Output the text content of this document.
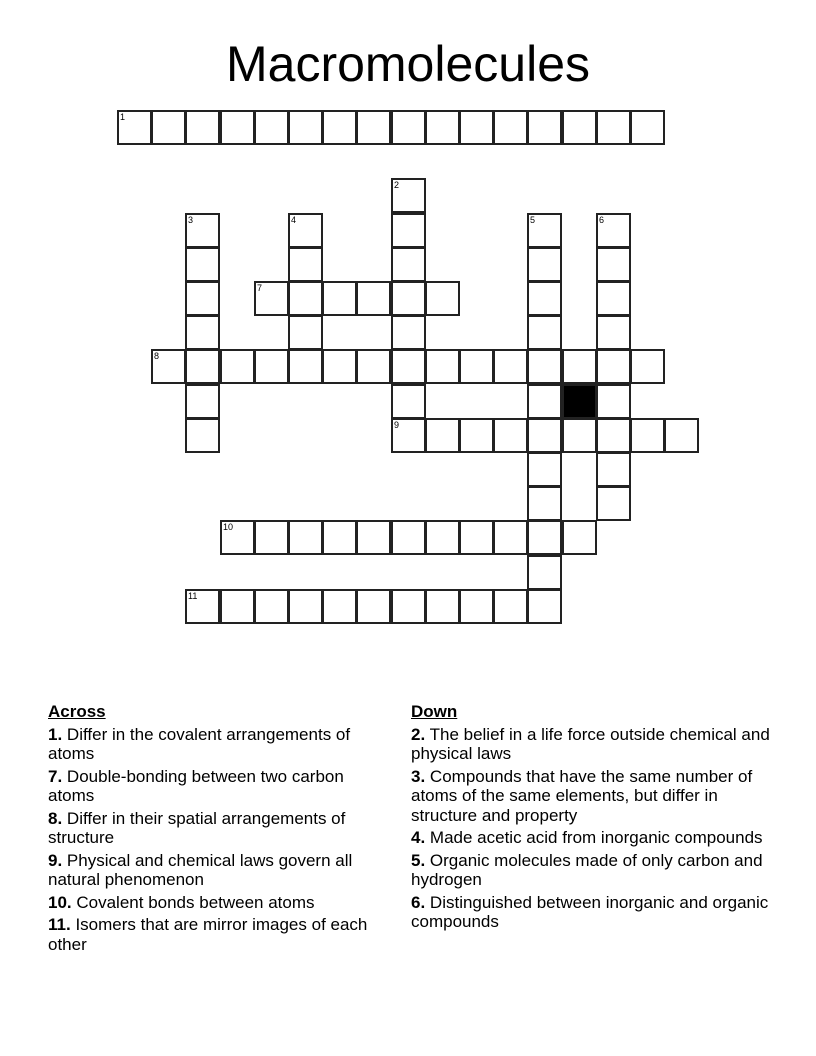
Macromolecules
1
2
9
3	4	5	6
7
8
10
11
Across
1. Differ in the covalent arrangements of atoms
7. Double-bonding between two carbon atoms
8. Differ in their spatial arrangements of structure
9. Physical and chemical laws govern all natural phenomenon
10. Covalent bonds between atoms
11. Isomers that are mirror images of each other
Down
2. The belief in a life force outside chemical and physical laws
3. Compounds that have the same number of atoms of the same elements, but differ in structure and property
4. Made acetic acid from inorganic compounds
5. Organic molecules made of only carbon and hydrogen
6. Distinguished between inorganic and organic compounds
